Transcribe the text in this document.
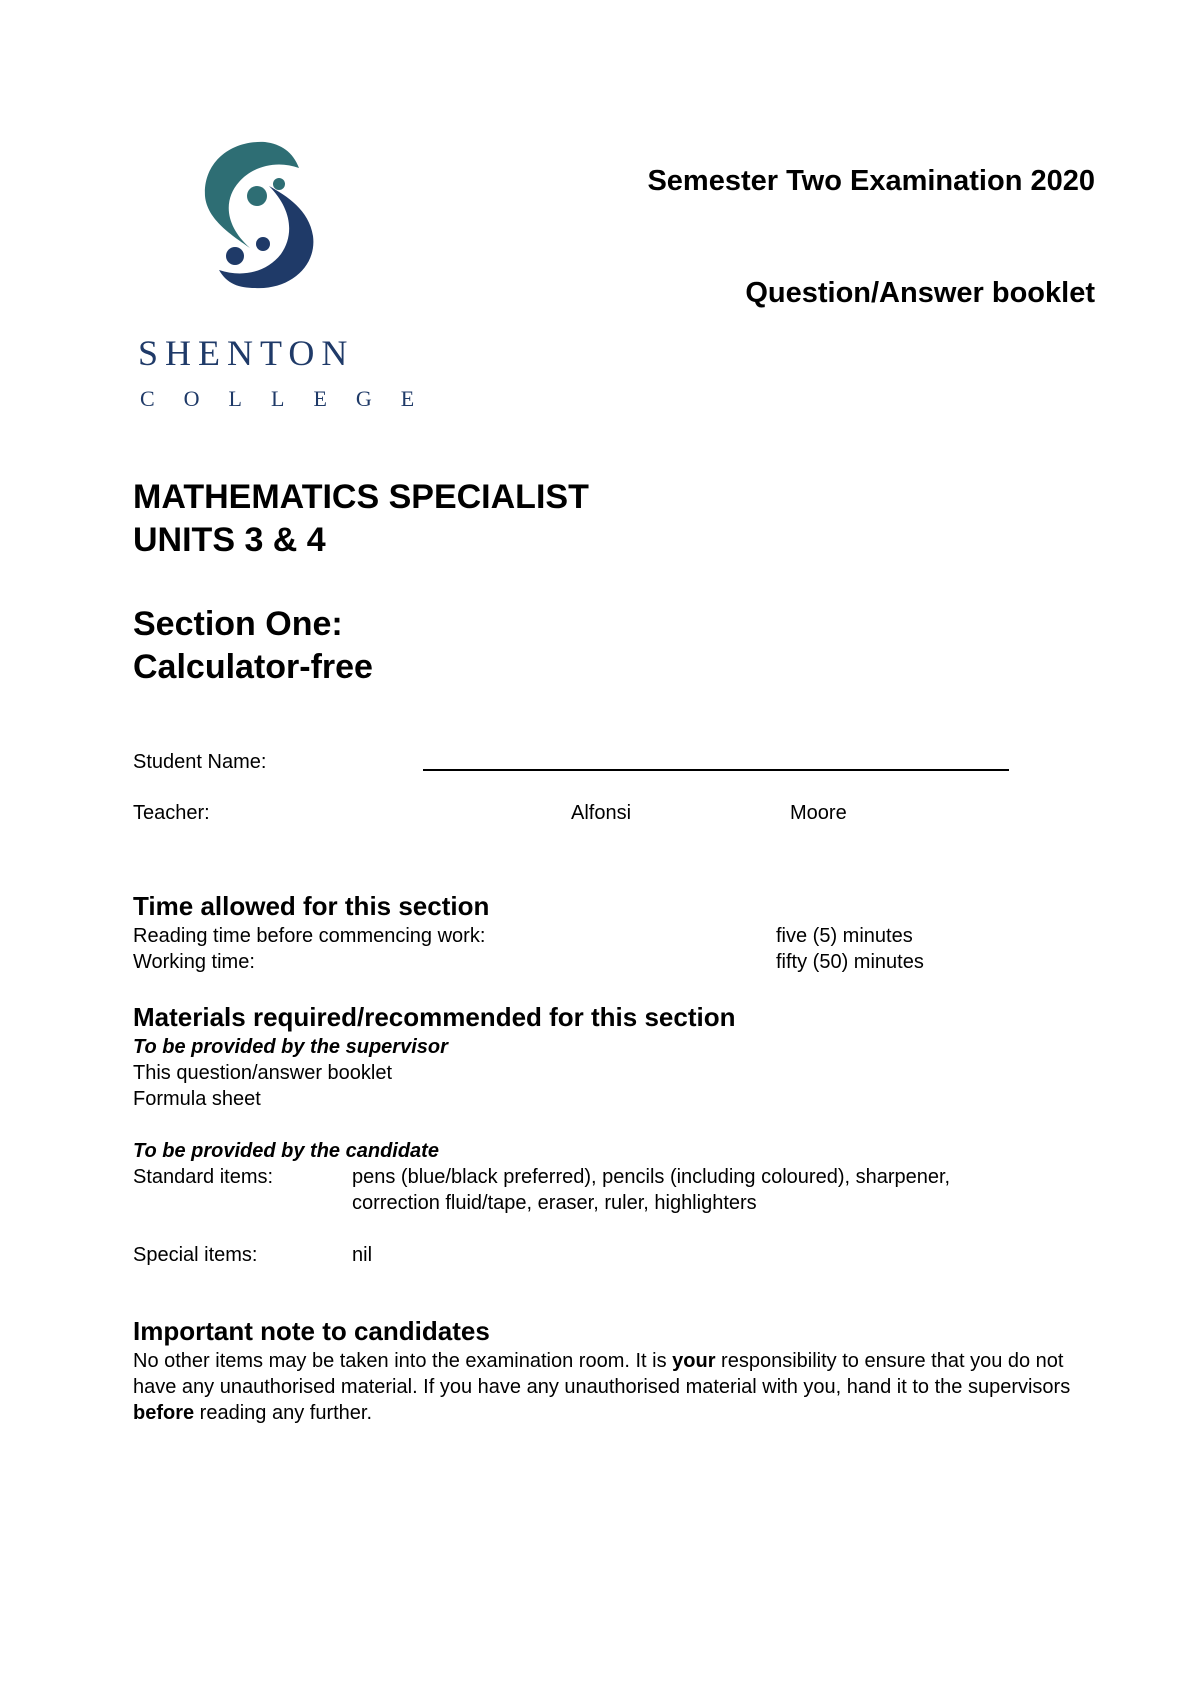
SHENTON
COLLEGE
Semester Two Examination 2020
Question/Answer booklet
MATHEMATICS SPECIALIST
UNITS 3 & 4
Section One:
Calculator-free
Student Name:
Teacher:	Alfonsi	Moore
Time allowed for this section
Reading time before commencing work:	five (5) minutes
Working time:	fifty (50) minutes
Materials required/recommended for this section
To be provided by the supervisor
This question/answer booklet
Formula sheet
To be provided by the candidate
Standard items:	pens (blue/black preferred), pencils (including coloured), sharpener,
correction fluid/tape, eraser, ruler, highlighters
Special items:	nil
Important note to candidates
No other items may be taken into the examination room. It is your responsibility to ensure that you do not have any unauthorised material. If you have any unauthorised material with you, hand it to the supervisors before reading any further.
